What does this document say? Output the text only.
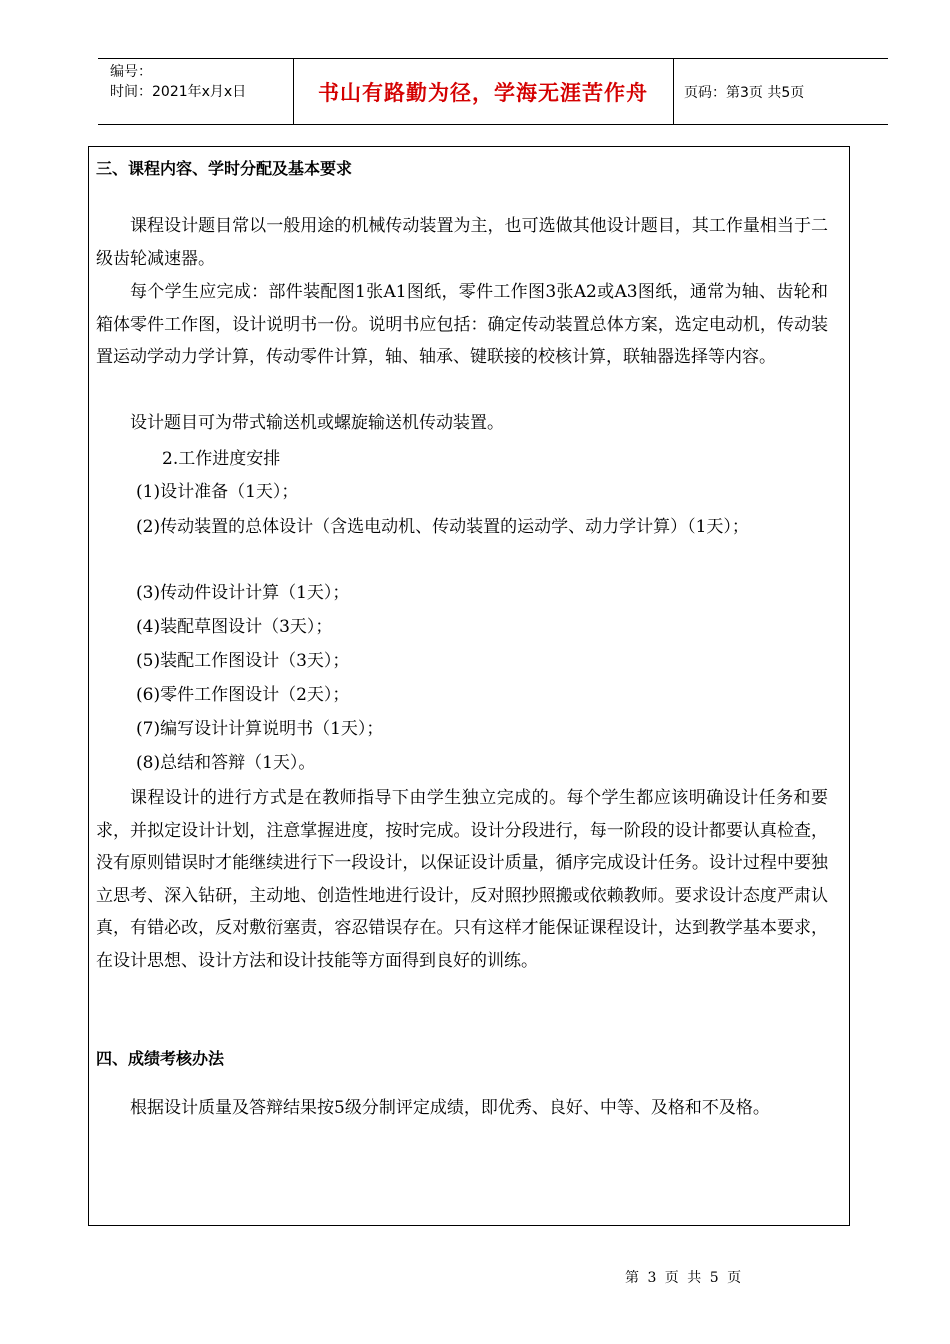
编号：
时间：2021年x月x日	书山有路勤为径，学海无涯苦作舟	页码：第3页 共5页
三、课程内容、学时分配及基本要求
课程设计题目常以一般用途的机械传动装置为主，也可选做其他设计题目，其工作量相当于二级齿轮减速器。
每个学生应完成：部件装配图1张A1图纸，零件工作图3张A2或A3图纸，通常为轴、齿轮和箱体零件工作图，设计说明书一份。说明书应包括：确定传动装置总体方案，选定电动机，传动装置运动学动力学计算，传动零件计算，轴、轴承、键联接的校核计算，联轴器选择等内容。
设计题目可为带式输送机或螺旋输送机传动装置。
2.工作进度安排
(1)设计准备（1天）；
(2)传动装置的总体设计（含选电动机、传动装置的运动学、动力学计算）（1天）；
(3)传动件设计计算（1天）；
(4)装配草图设计（3天）；
(5)装配工作图设计（3天）；
(6)零件工作图设计（2天）；
(7)编写设计计算说明书（1天）；
(8)总结和答辩（1天）。
课程设计的进行方式是在教师指导下由学生独立完成的。每个学生都应该明确设计任务和要求，并拟定设计计划，注意掌握进度，按时完成。设计分段进行，每一阶段的设计都要认真检查，没有原则错误时才能继续进行下一段设计，以保证设计质量，循序完成设计任务。设计过程中要独立思考、深入钻研，主动地、创造性地进行设计，反对照抄照搬或依赖教师。要求设计态度严肃认真，有错必改，反对敷衍塞责，容忍错误存在。只有这样才能保证课程设计，达到教学基本要求，在设计思想、设计方法和设计技能等方面得到良好的训练。
四、成绩考核办法
根据设计质量及答辩结果按5级分制评定成绩，即优秀、良好、中等、及格和不及格。
第 3 页 共 5 页
